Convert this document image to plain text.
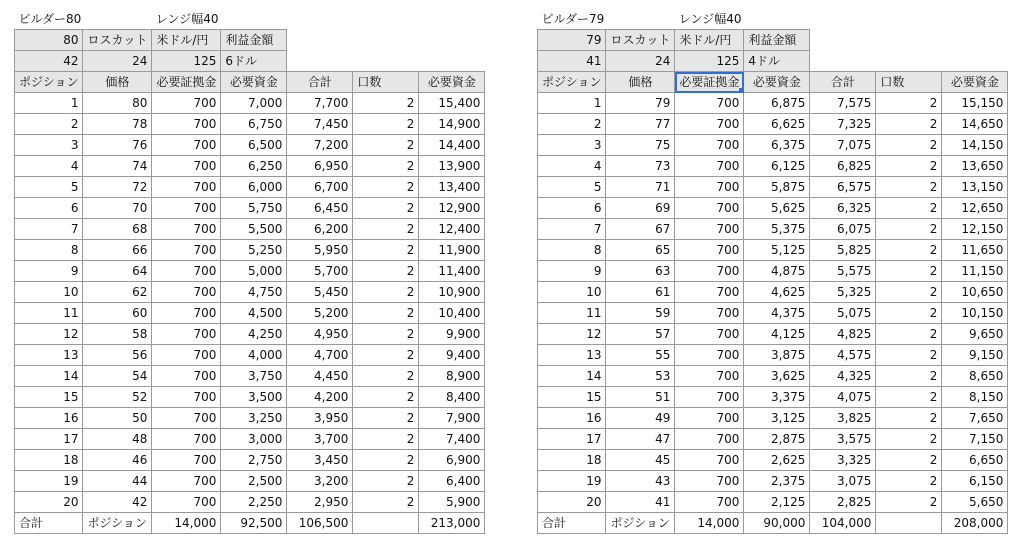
ビルダー80		レンジ幅40				
80	ロスカット	米ドル/円	利益金額			
42	24	125	6ドル			
ポジション	価格	必要証拠金	必要資金	合計	口数	必要資金
1	80	700	7,000	7,700	2	15,400
2	78	700	6,750	7,450	2	14,900
3	76	700	6,500	7,200	2	14,400
4	74	700	6,250	6,950	2	13,900
5	72	700	6,000	6,700	2	13,400
6	70	700	5,750	6,450	2	12,900
7	68	700	5,500	6,200	2	12,400
8	66	700	5,250	5,950	2	11,900
9	64	700	5,000	5,700	2	11,400
10	62	700	4,750	5,450	2	10,900
11	60	700	4,500	5,200	2	10,400
12	58	700	4,250	4,950	2	9,900
13	56	700	4,000	4,700	2	9,400
14	54	700	3,750	4,450	2	8,900
15	52	700	3,500	4,200	2	8,400
16	50	700	3,250	3,950	2	7,900
17	48	700	3,000	3,700	2	7,400
18	46	700	2,750	3,450	2	6,900
19	44	700	2,500	3,200	2	6,400
20	42	700	2,250	2,950	2	5,900
合計	ポジション	14,000	92,500	106,500		213,000
ビルダー79		レンジ幅40				
79	ロスカット	米ドル/円	利益金額			
41	24	125	4ドル			
ポジション	価格	必要証拠金	必要資金	合計	口数	必要資金
1	79	700	6,875	7,575	2	15,150
2	77	700	6,625	7,325	2	14,650
3	75	700	6,375	7,075	2	14,150
4	73	700	6,125	6,825	2	13,650
5	71	700	5,875	6,575	2	13,150
6	69	700	5,625	6,325	2	12,650
7	67	700	5,375	6,075	2	12,150
8	65	700	5,125	5,825	2	11,650
9	63	700	4,875	5,575	2	11,150
10	61	700	4,625	5,325	2	10,650
11	59	700	4,375	5,075	2	10,150
12	57	700	4,125	4,825	2	9,650
13	55	700	3,875	4,575	2	9,150
14	53	700	3,625	4,325	2	8,650
15	51	700	3,375	4,075	2	8,150
16	49	700	3,125	3,825	2	7,650
17	47	700	2,875	3,575	2	7,150
18	45	700	2,625	3,325	2	6,650
19	43	700	2,375	3,075	2	6,150
20	41	700	2,125	2,825	2	5,650
合計	ポジション	14,000	90,000	104,000		208,000
